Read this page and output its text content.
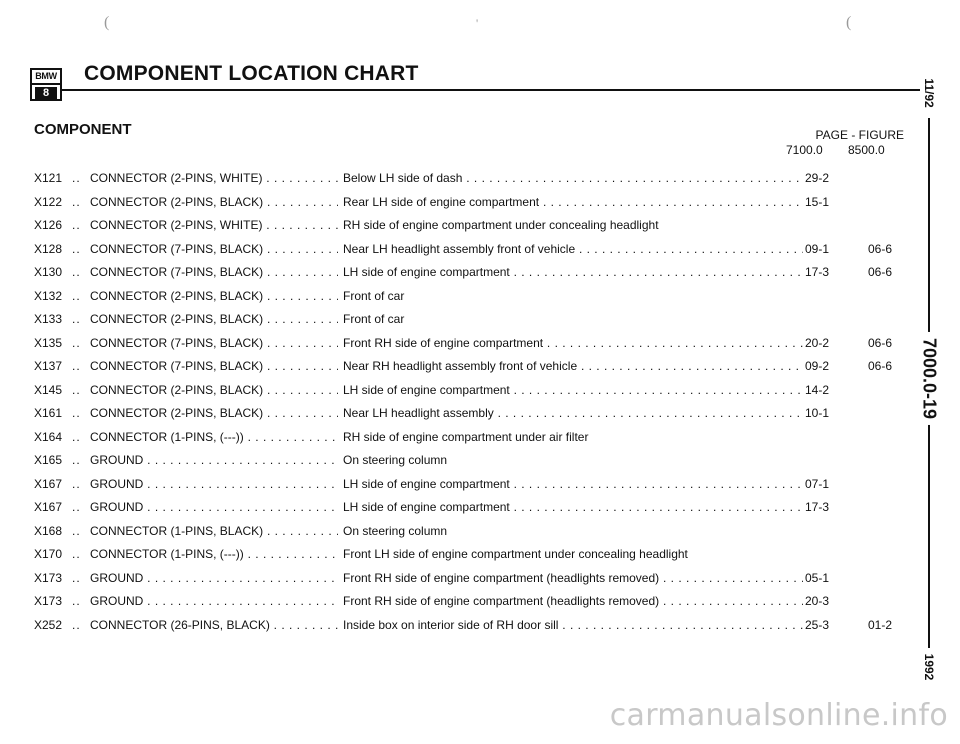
(	'	(
BMW
8
COMPONENT LOCATION CHART
COMPONENT	PAGE - FIGURE
7100.0 8500.0
X121 .. CONNECTOR (2-PINS, WHITE) . . .	Below LH side of dash . . .	29-2
X122 .. CONNECTOR (2-PINS, BLACK) . . .	Rear LH side of engine compartment . . .	15-1
X126 .. CONNECTOR (2-PINS, WHITE) . . .	RH side of engine compartment under concealing headlight
X128 .. CONNECTOR (7-PINS, BLACK) . . .	Near LH headlight assembly front of vehicle . . .	09-1	06-6
X130 .. CONNECTOR (7-PINS, BLACK) . . .	LH side of engine compartment . . .	17-3	06-6
X132 .. CONNECTOR (2-PINS, BLACK) . . .	Front of car
X133 .. CONNECTOR (2-PINS, BLACK) . . .	Front of car
X135 .. CONNECTOR (7-PINS, BLACK) . . .	Front RH side of engine compartment . . .	20-2	06-6
X137 .. CONNECTOR (7-PINS, BLACK) . . .	Near RH headlight assembly front of vehicle . . .	09-2	06-6
X145 .. CONNECTOR (2-PINS, BLACK) . . .	LH side of engine compartment . . .	14-2
X161 .. CONNECTOR (2-PINS, BLACK) . . .	Near LH headlight assembly . . .	10-1
X164 .. CONNECTOR (1-PINS, (---)) . . .	RH side of engine compartment under air filter
X165 .. GROUND . . .	On steering column
X167 .. GROUND . . .	LH side of engine compartment . . .	07-1
X167 .. GROUND . . .	LH side of engine compartment . . .	17-3
X168 .. CONNECTOR (1-PINS, BLACK) . . .	On steering column
X170 .. CONNECTOR (1-PINS, (---)) . . .	Front LH side of engine compartment under concealing headlight
X173 .. GROUND . . .	Front RH side of engine compartment (headlights removed) . . .	05-1
X173 .. GROUND . . .	Front RH side of engine compartment (headlights removed) . . .	20-3
X252 .. CONNECTOR (26-PINS, BLACK) . . .	Inside box on interior side of RH door sill . . .	25-3	01-2
11/92
7000.0-19
1992
carmanualsonline.info
